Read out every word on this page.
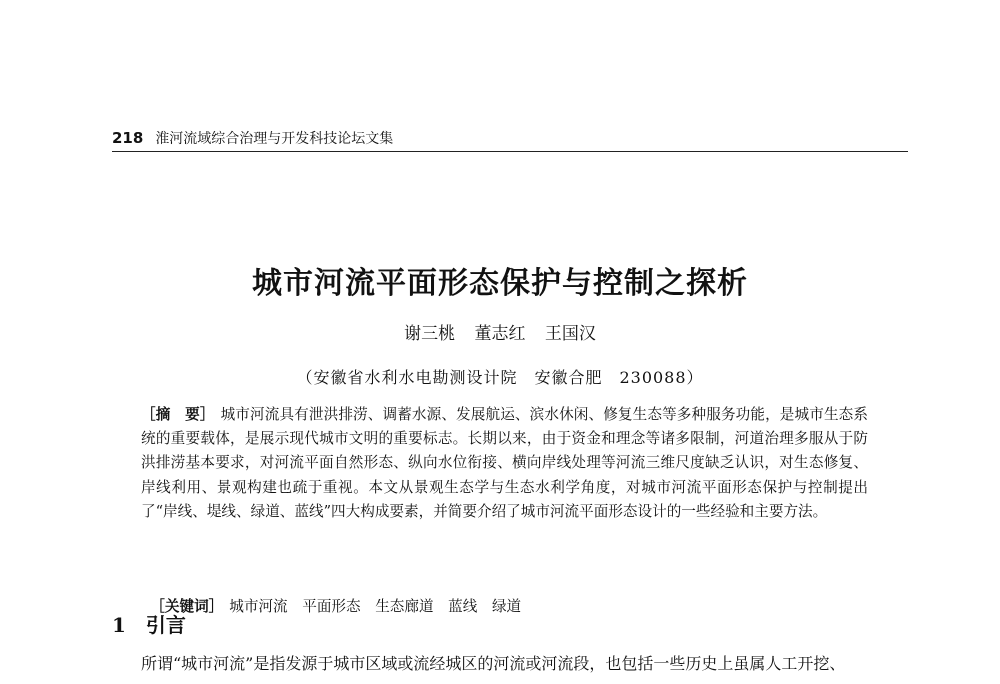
218 淮河流域综合治理与开发科技论坛文集
城市河流平面形态保护与控制之探析
谢三桃 董志红 王国汉
（安徽省水利水电勘测设计院　安徽合肥　230088）
［摘　要］ 城市河流具有泄洪排涝、调蓄水源、发展航运、滨水休闲、修复生态等多种服务功能，是城市生态系统的重要载体，是展示现代城市文明的重要标志。长期以来，由于资金和理念等诸多限制，河道治理多服从于防洪排涝基本要求，对河流平面自然形态、纵向水位衔接、横向岸线处理等河流三维尺度缺乏认识，对生态修复、岸线利用、景观构建也疏于重视。本文从景观生态学与生态水利学角度，对城市河流平面形态保护与控制提出了“岸线、堤线、绿道、蓝线”四大构成要素，并简要介绍了城市河流平面形态设计的一些经验和主要方法。

［关键词］ 城市河流　平面形态　生态廊道　蓝线　绿道

1 引言
所谓“城市河流”是指发源于城市区域或流经城区的河流或河流段，也包括一些历史上虽属人工开挖、
